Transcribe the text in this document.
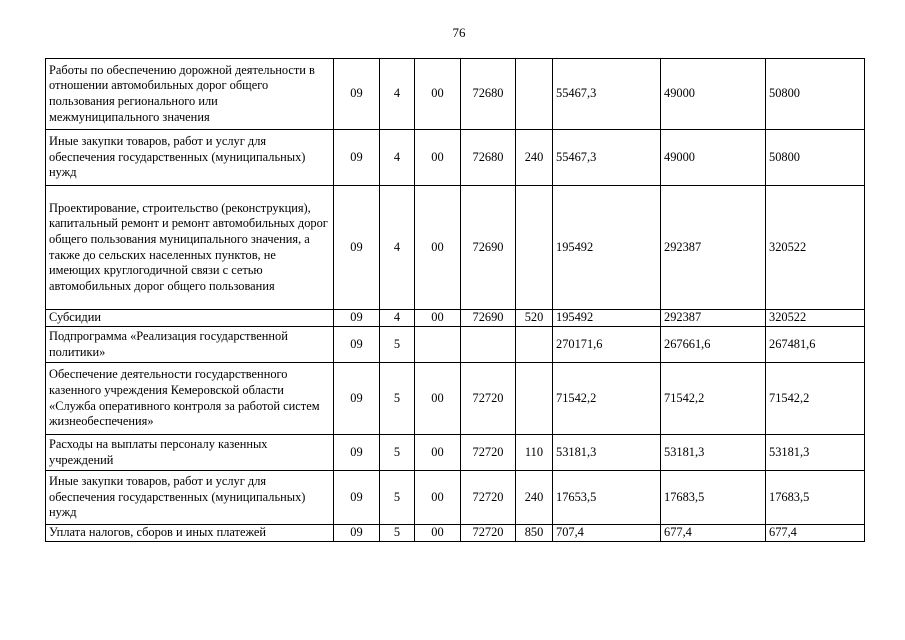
76
Работы по обеспечению дорожной деятельности в отношении автомобильных дорог общего пользования регионального или межмуниципального значения	09	4	00	72680		55467,3	49000	50800
Иные закупки товаров, работ и услуг для обеспечения государственных (муниципальных) нужд	09	4	00	72680	240	55467,3	49000	50800
Проектирование, строительство (реконструкция), капитальный ремонт и ремонт автомобильных дорог общего пользования муниципального значения, а также до сельских населенных пунктов, не имеющих круглогодичной связи с сетью автомобильных дорог общего пользования	09	4	00	72690		195492	292387	320522
Субсидии	09	4	00	72690	520	195492	292387	320522
Подпрограмма «Реализация государственной политики»	09	5				270171,6	267661,6	267481,6
Обеспечение деятельности государственного казенного учреждения Кемеровской области «Служба оперативного контроля за работой систем жизнеобеспечения»	09	5	00	72720		71542,2	71542,2	71542,2
Расходы на выплаты персоналу казенных учреждений	09	5	00	72720	110	53181,3	53181,3	53181,3
Иные закупки товаров, работ и услуг для обеспечения государственных (муниципальных) нужд	09	5	00	72720	240	17653,5	17683,5	17683,5
Уплата налогов, сборов и иных платежей	09	5	00	72720	850	707,4	677,4	677,4
